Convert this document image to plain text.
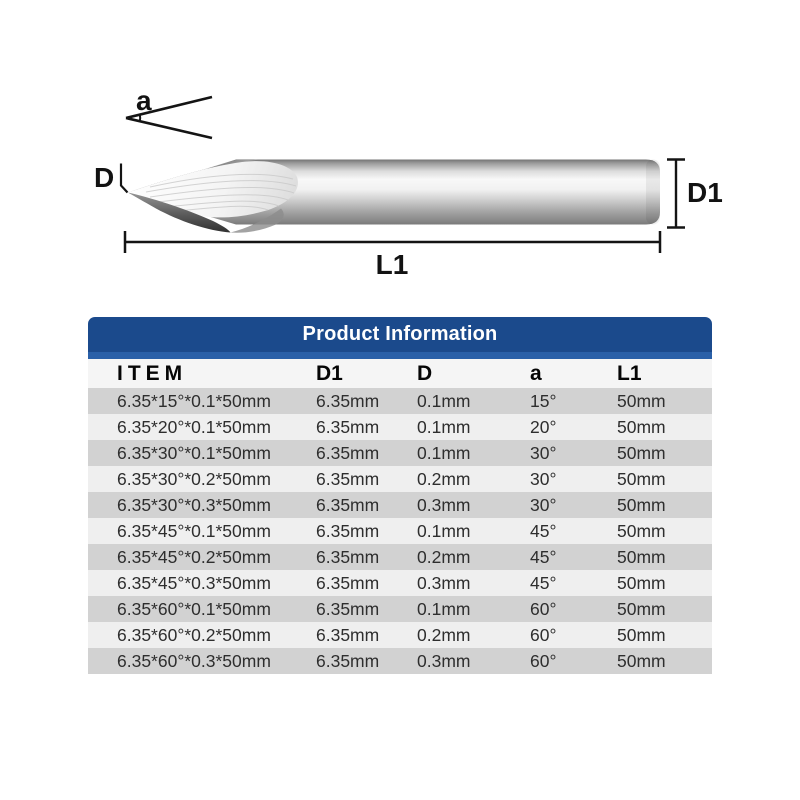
a
D	D1
L1
Product Information
ITEM	D1	D	a	L1
6.35*15°*0.1*50mm	6.35mm	0.1mm	15°	50mm
6.35*20°*0.1*50mm	6.35mm	0.1mm	20°	50mm
6.35*30°*0.1*50mm	6.35mm	0.1mm	30°	50mm
6.35*30°*0.2*50mm	6.35mm	0.2mm	30°	50mm
6.35*30°*0.3*50mm	6.35mm	0.3mm	30°	50mm
6.35*45°*0.1*50mm	6.35mm	0.1mm	45°	50mm
6.35*45°*0.2*50mm	6.35mm	0.2mm	45°	50mm
6.35*45°*0.3*50mm	6.35mm	0.3mm	45°	50mm
6.35*60°*0.1*50mm	6.35mm	0.1mm	60°	50mm
6.35*60°*0.2*50mm	6.35mm	0.2mm	60°	50mm
6.35*60°*0.3*50mm	6.35mm	0.3mm	60°	50mm
